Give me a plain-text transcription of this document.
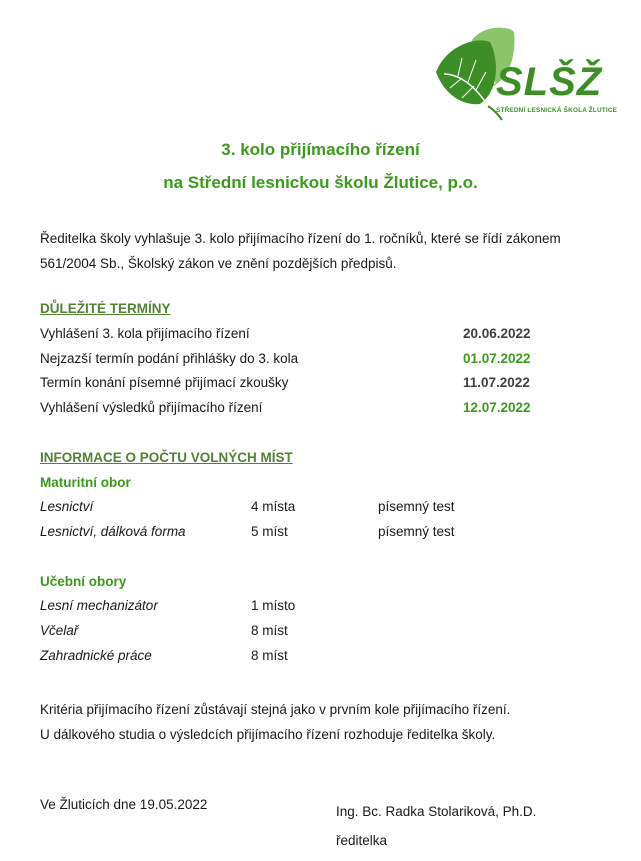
SLŠŽ
STŘEDNÍ LESNICKÁ ŠKOLA ŽLUTICE
3. kolo přijímacího řízení
na Střední lesnickou školu Žlutice, p.o.
Ředitelka školy vyhlašuje 3. kolo přijímacího řízení do 1. ročníků, které se řídí zákonem
561/2004 Sb., Školský zákon ve znění pozdějších předpisů.
DŮLEŽITÉ TERMÍNY
Vyhlášení 3. kola přijímacího řízení	20.06.2022
Nejzazší termín podání přihlášky do 3. kola	01.07.2022
Termín konání písemné přijímací zkoušky	11.07.2022
Vyhlášení výsledků přijímacího řízení	12.07.2022
INFORMACE O POČTU VOLNÝCH MÍST
Maturitní obor
Lesnictví	4 místa	písemný test
Lesnictví, dálková forma	5 míst	písemný test
Učební obory
Lesní mechanizátor	1 místo
Včelař	8 míst
Zahradnické práce	8 míst
Kritéria přijímacího řízení zůstávají stejná jako v prvním kole přijímacího řízení.
U dálkového studia o výsledcích přijímacího řízení rozhoduje ředitelka školy.
Ve Žluticích dne 19.05.2022	Ing. Bc. Radka Stolariková, Ph.D.
ředitelka
